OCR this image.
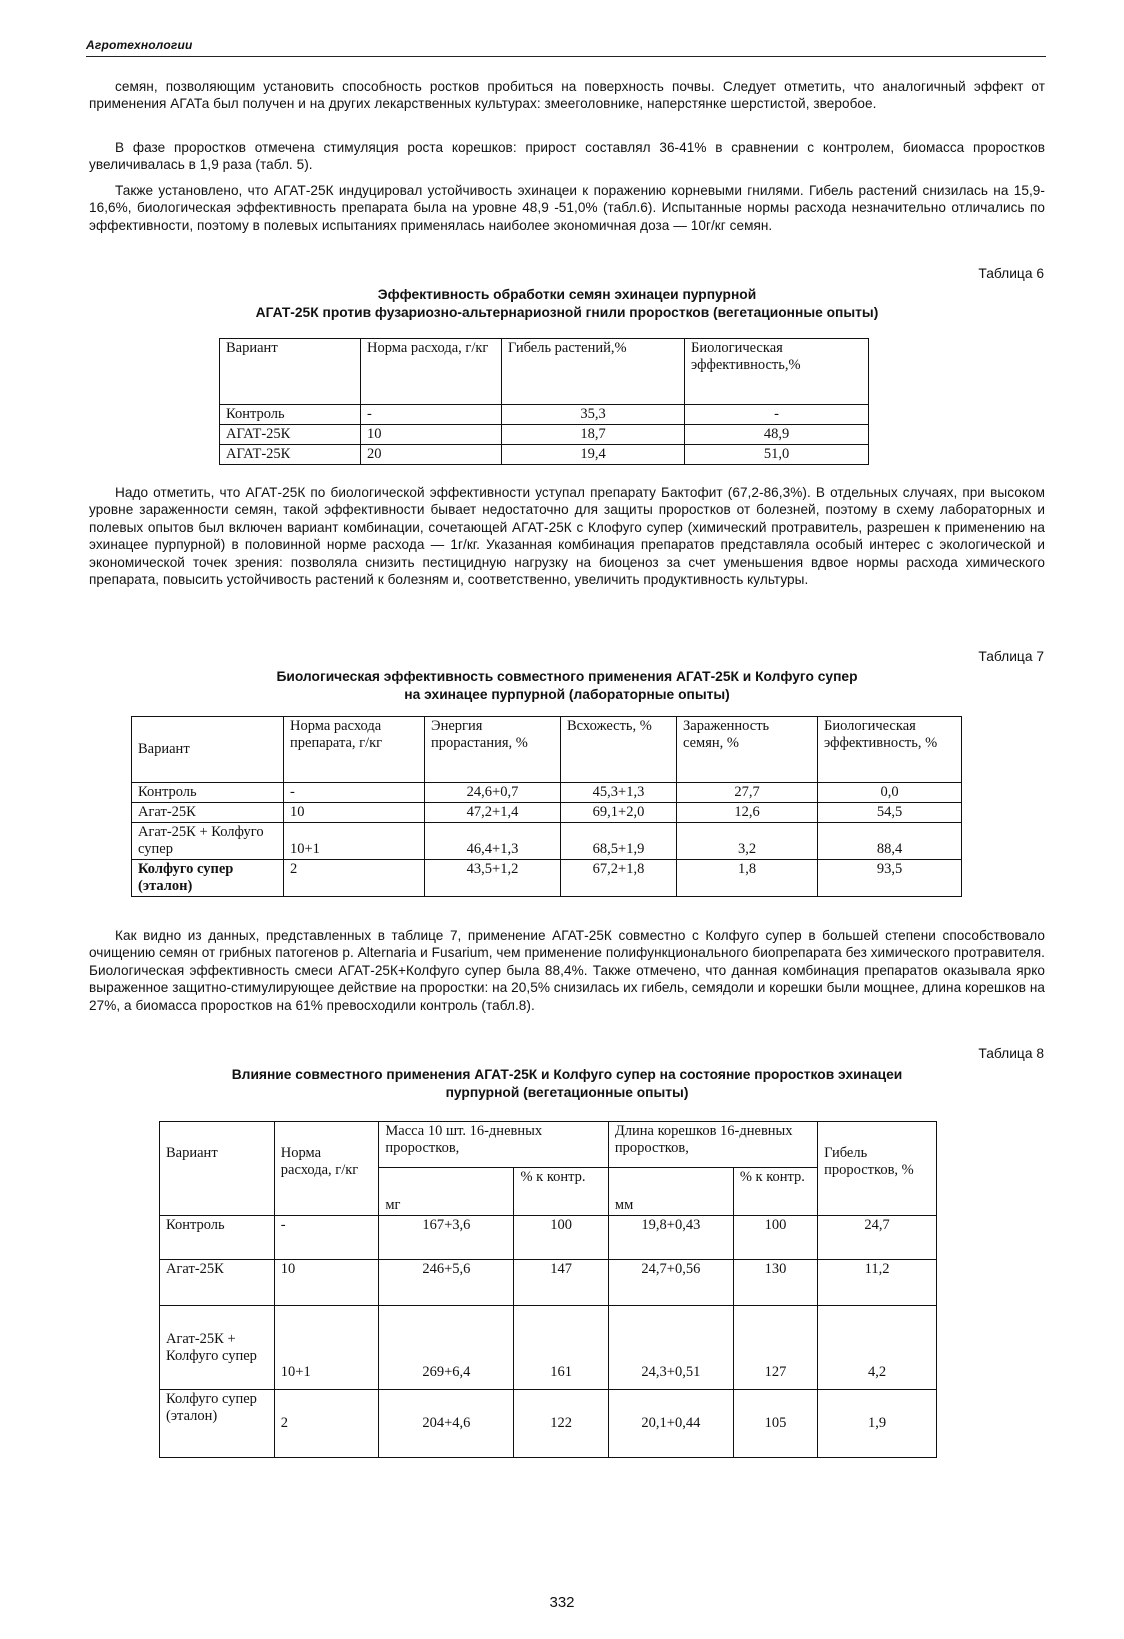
Агротехнологии

семян, позволяющим установить способность ростков пробиться на поверхность почвы. Следует отметить, что аналогичный эффект от применения АГАТа был получен и на других лекарственных культурах: змееголовнике, наперстянке шерстистой, зверобое.

В фазе проростков отмечена стимуляция роста корешков: прирост составлял 36-41% в сравнении с контролем, биомасса проростков увеличивалась в 1,9 раза (табл. 5).

Также установлено, что АГАТ-25К индуцировал устойчивость эхинацеи к поражению корневыми гнилями. Гибель растений снизилась на 15,9-16,6%, биологическая эффективность препарата была на уровне 48,9 -51,0% (табл.6). Испытанные нормы расхода незначительно отличались по эффективности, поэтому в полевых испытаниях применялась наиболее экономичная доза — 10г/кг семян.

Таблица 6

Эффективность обработки семян эхинацеи пурпурной
АГАТ-25К против фузариозно-альтернариозной гнили проростков (вегетационные опыты)

Вариант	Норма расхода, г/кг	Гибель растений,%	Биологическая эффективность,%
Контроль	-	35,3	-
АГАТ-25К	10	18,7	48,9
АГАТ-25К	20	19,4	51,0

Надо отметить, что АГАТ-25К по биологической эффективности уступал препарату Бактофит (67,2-86,3%). В отдельных случаях, при высоком уровне зараженности семян, такой эффективности бывает недостаточно для защиты проростков от болезней, поэтому в схему лабораторных и полевых опытов был включен вариант комбинации, сочетающей АГАТ-25К с Клофуго супер (химический протравитель, разрешен к применению на эхинацее пурпурной) в половинной норме расхода — 1г/кг. Указанная комбинация препаратов представляла особый интерес с экологической и экономической точек зрения: позволяла снизить пестицидную нагрузку на биоценоз за счет уменьшения вдвое нормы расхода химического препарата, повысить устойчивость растений к болезням и, соответственно, увеличить продуктивность культуры.

Таблица 7

Биологическая эффективность совместного применения АГАТ-25К и Колфуго супер
на эхинацее пурпурной (лабораторные опыты)

Вариант	Норма расхода препарата, г/кг	Энергия прорастания, %	Всхожесть, %	Зараженность семян, %	Биологическая эффективность, %
Контроль	-	24,6+0,7	45,3+1,3	27,7	0,0
Агат-25К	10	47,2+1,4	69,1+2,0	12,6	54,5
Агат-25К + Колфуго супер	10+1	46,4+1,3	68,5+1,9	3,2	88,4
Колфуго супер (эталон)	2	43,5+1,2	67,2+1,8	1,8	93,5

Как видно из данных, представленных в таблице 7, применение АГАТ-25К совместно с Колфуго супер в большей степени способствовало очищению семян от грибных патогенов р. Alternaria и Fusarium, чем применение полифункционального биопрепарата без химического протравителя. Биологическая эффективность смеси АГАТ-25К+Колфуго супер была 88,4%. Также отмечено, что данная комбинация препаратов оказывала ярко выраженное защитно-стимулирующее действие на проростки: на 20,5% снизилась их гибель, семядоли и корешки были мощнее, длина корешков на 27%, а биомасса проростков на 61% превосходили контроль (табл.8).

Таблица 8

Влияние совместного применения АГАТ-25К и Колфуго супер на состояние проростков эхинацеи
пурпурной (вегетационные опыты)

Вариант	Норма расхода, г/кг	Масса 10 шт. 16-дневных проростков,		Длина корешков 16-дневных проростков,		Гибель проростков, %

		мг	% к контр.	мм	% к контр.	
Контроль	-	167+3,6	100	19,8+0,43	100	24,7
Агат-25К	10	246+5,6	147	24,7+0,56	130	11,2
Агат-25К + Колфуго супер	10+1	269+6,4	161	24,3+0,51	127	4,2
Колфуго супер (эталон)	2	204+4,6	122	20,1+0,44	105	1,9
332
